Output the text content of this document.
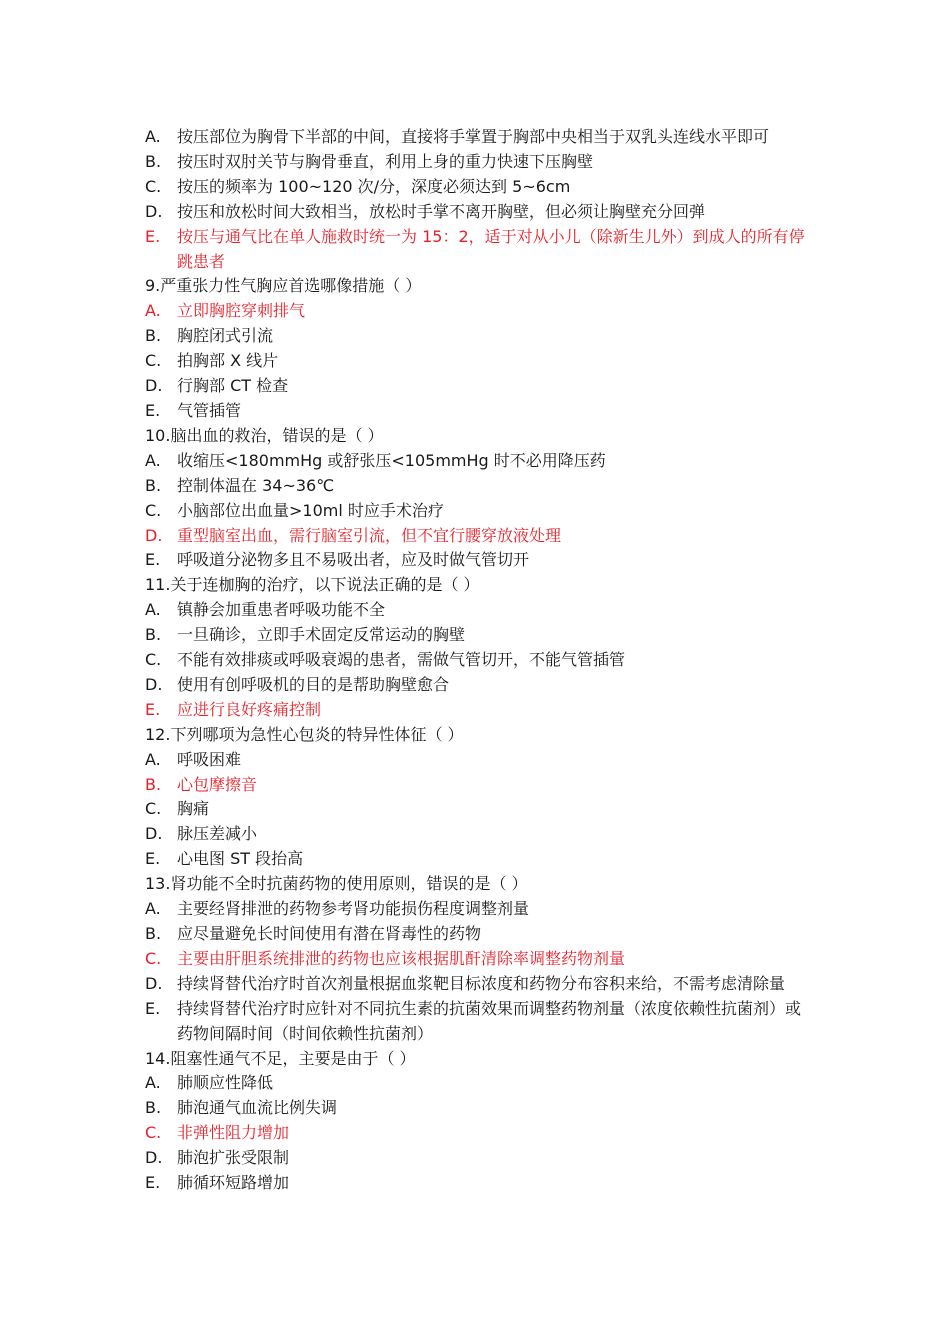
A.	按压部位为胸骨下半部的中间，直接将手掌置于胸部中央相当于双乳头连线水平即可
B. 按压时双肘关节与胸骨垂直，利用上身的重力快速下压胸壁
C. 按压的频率为 100~120 次/分，深度必须达到 5~6cm
D. 按压和放松时间大致相当，放松时手掌不离开胸壁，但必须让胸壁充分回弹
E.	按压与通气比在单人施救时统一为 15：2，适于对从小儿（除新生儿外）到成人的所有停跳患者
9.严重张力性气胸应首选哪像措施（ ）
A.	立即胸腔穿刺排气
B. 胸腔闭式引流
C. 拍胸部 X 线片
D. 行胸部 CT 检查
E.	气管插管
10.脑出血的救治，错误的是（ ）
A.	收缩压<180mmHg 或舒张压<105mmHg 时不必用降压药
B. 控制体温在 34~36℃
C. 小脑部位出血量>10ml 时应手术治疗
D. 重型脑室出血，需行脑室引流，但不宜行腰穿放液处理
E.	呼吸道分泌物多且不易吸出者，应及时做气管切开
11.关于连枷胸的治疗，以下说法正确的是（ ）
A.	镇静会加重患者呼吸功能不全
B. 一旦确诊，立即手术固定反常运动的胸壁
C. 不能有效排痰或呼吸衰竭的患者，需做气管切开，不能气管插管
D. 使用有创呼吸机的目的是帮助胸壁愈合
E.	应进行良好疼痛控制
12.下列哪项为急性心包炎的特异性体征（ ）
A.	呼吸困难
B. 心包摩擦音
C. 胸痛
D. 脉压差减小
E.	心电图 ST 段抬高
13.肾功能不全时抗菌药物的使用原则，错误的是（ ）
A.	主要经肾排泄的药物参考肾功能损伤程度调整剂量
B. 应尽量避免长时间使用有潜在肾毒性的药物
C. 主要由肝胆系统排泄的药物也应该根据肌酐清除率调整药物剂量
D. 持续肾替代治疗时首次剂量根据血浆靶目标浓度和药物分布容积来给，不需考虑清除量
E.	持续肾替代治疗时应针对不同抗生素的抗菌效果而调整药物剂量（浓度依赖性抗菌剂）或药物间隔时间（时间依赖性抗菌剂）
14.阻塞性通气不足，主要是由于（ ）
A.	肺顺应性降低
B. 肺泡通气血流比例失调
C. 非弹性阻力增加
D. 肺泡扩张受限制
E.	肺循环短路增加
